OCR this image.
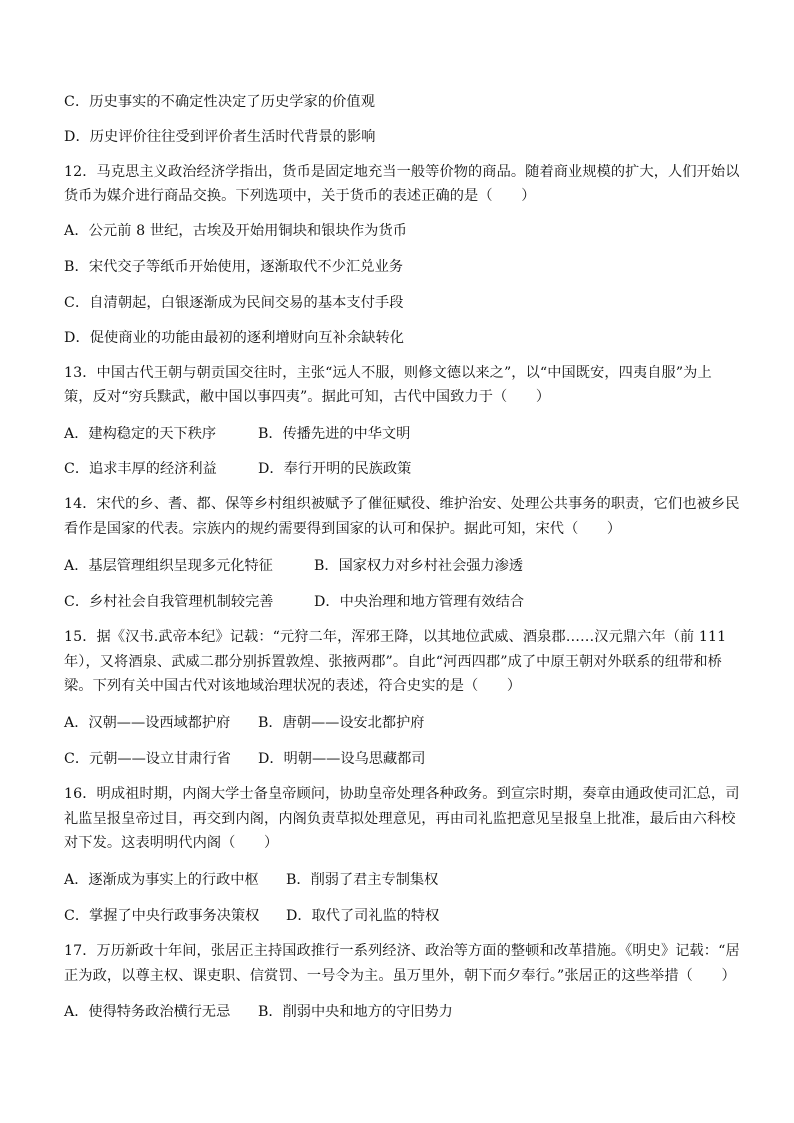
C．历史事实的不确定性决定了历史学家的价值观
D．历史评价往往受到评价者生活时代背景的影响
12．马克思主义政治经济学指出，货币是固定地充当一般等价物的商品。随着商业规模的扩大，人们开始以
货币为媒介进行商品交换。下列选项中，关于货币的表述正确的是（　　）
A．公元前 8 世纪，古埃及开始用铜块和银块作为货币
B．宋代交子等纸币开始使用，逐渐取代不少汇兑业务
C．自清朝起，白银逐渐成为民间交易的基本支付手段
D．促使商业的功能由最初的逐利增财向互补余缺转化
13．中国古代王朝与朝贡国交往时，主张“远人不服，则修文德以来之”，以“中国既安，四夷自服”为上
策，反对“穷兵黩武，敝中国以事四夷”。据此可知，古代中国致力于（　　）
A．建构稳定的天下秩序	B．传播先进的中华文明
C．追求丰厚的经济利益	D．奉行开明的民族政策
14．宋代的乡、耆、都、保等乡村组织被赋予了催征赋役、维护治安、处理公共事务的职责，它们也被乡民
看作是国家的代表。宗族内的规约需要得到国家的认可和保护。据此可知，宋代（　　）
A．基层管理组织呈现多元化特征	B．国家权力对乡村社会强力渗透
C．乡村社会自我管理机制较完善	D．中央治理和地方管理有效结合
15．据《汉书.武帝本纪》记载：“元狩二年，浑邪王降，以其地位武威、酒泉郡……汉元鼎六年（前 111
年），又将酒泉、武威二郡分别拆置敦煌、张掖两郡”。自此“河西四郡”成了中原王朝对外联系的纽带和桥
梁。下列有关中国古代对该地域治理状况的表述，符合史实的是（　　）
A．汉朝——设西域都护府 B．唐朝——设安北都护府
C．元朝——设立甘肃行省 D．明朝——设乌思藏都司
16．明成祖时期，内阁大学士备皇帝顾问，协助皇帝处理各种政务。到宣宗时期，奏章由通政使司汇总，司
礼监呈报皇帝过目，再交到内阁，内阁负责草拟处理意见，再由司礼监把意见呈报皇上批准，最后由六科校
对下发。这表明明代内阁（　　）
A．逐渐成为事实上的行政中枢 B．削弱了君主专制集权
C．掌握了中央行政事务决策权 D．取代了司礼监的特权
17．万历新政十年间，张居正主持国政推行一系列经济、政治等方面的整顿和改革措施。《明史》记载：“居
正为政，以尊主权、课吏职、信赏罚、一号令为主。虽万里外，朝下而夕奉行。”张居正的这些举措（　　）
A．使得特务政治横行无忌 B．削弱中央和地方的守旧势力
